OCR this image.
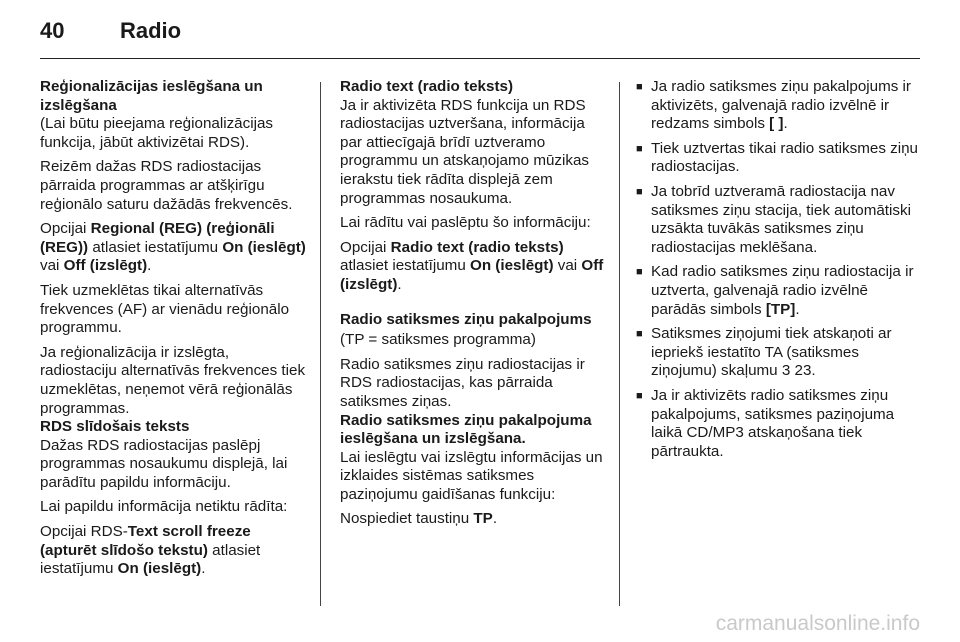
40	Radio

Reģionalizācijas ieslēgšana un izslēgšana

(Lai būtu pieejama reģionalizācijas funkcija, jābūt aktivizētai RDS).

Reizēm dažas RDS radiostacijas pārraida programmas ar atšķirīgu reģionālo saturu dažādās frekvencēs.

Opcijai Regional (REG) (reģionāli (REG)) atlasiet iestatījumu On (ieslēgt) vai Off (izslēgt).

Tiek uzmeklētas tikai alternatīvās frekvences (AF) ar vienādu reģionālo programmu.

Ja reģionalizācija ir izslēgta, radiostaciju alternatīvās frekvences tiek uzmeklētas, neņemot vērā reģionālās programmas.

RDS slīdošais teksts

Dažas RDS radiostacijas paslēpj programmas nosaukumu displejā, lai parādītu papildu informāciju.

Lai papildu informācija netiktu rādīta:

Opcijai RDS-Text scroll freeze (apturēt slīdošo tekstu) atlasiet iestatījumu On (ieslēgt).

Radio text (radio teksts)

Ja ir aktivizēta RDS funkcija un RDS radiostacijas uztveršana, informācija par attiecīgajā brīdī uztveramo programmu un atskaņojamo mūzikas ierakstu tiek rādīta displejā zem programmas nosaukuma.

Lai rādītu vai paslēptu šo informāciju:

Opcijai Radio text (radio teksts) atlasiet iestatījumu On (ieslēgt) vai Off (izslēgt).

Radio satiksmes ziņu pakalpojums

(TP = satiksmes programma)

Radio satiksmes ziņu radiostacijas ir RDS radiostacijas, kas pārraida satiksmes ziņas.

Radio satiksmes ziņu pakalpojuma ieslēgšana un izslēgšana.

Lai ieslēgtu vai izslēgtu informācijas un izklaides sistēmas satiksmes paziņojumu gaidīšanas funkciju:

Nospiediet taustiņu TP.

■ Ja radio satiksmes ziņu pakalpojums ir aktivizēts, galvenajā radio izvēlnē ir redzams simbols [ ].
■ Tiek uztvertas tikai radio satiksmes ziņu radiostacijas.
■ Ja tobrīd uztveramā radiostacija nav satiksmes ziņu stacija, tiek automātiski uzsākta tuvākās satiksmes ziņu radiostacijas meklēšana.
■ Kad radio satiksmes ziņu radiostacija ir uztverta, galvenajā radio izvēlnē parādās simbols [TP].
■ Satiksmes ziņojumi tiek atskaņoti ar iepriekš iestatīto TA (satiksmes ziņojumu) skaļumu 3 23.
■ Ja ir aktivizēts radio satiksmes ziņu pakalpojums, satiksmes paziņojuma laikā CD/MP3 atskaņošana tiek pārtraukta.
carmanualsonline.info
